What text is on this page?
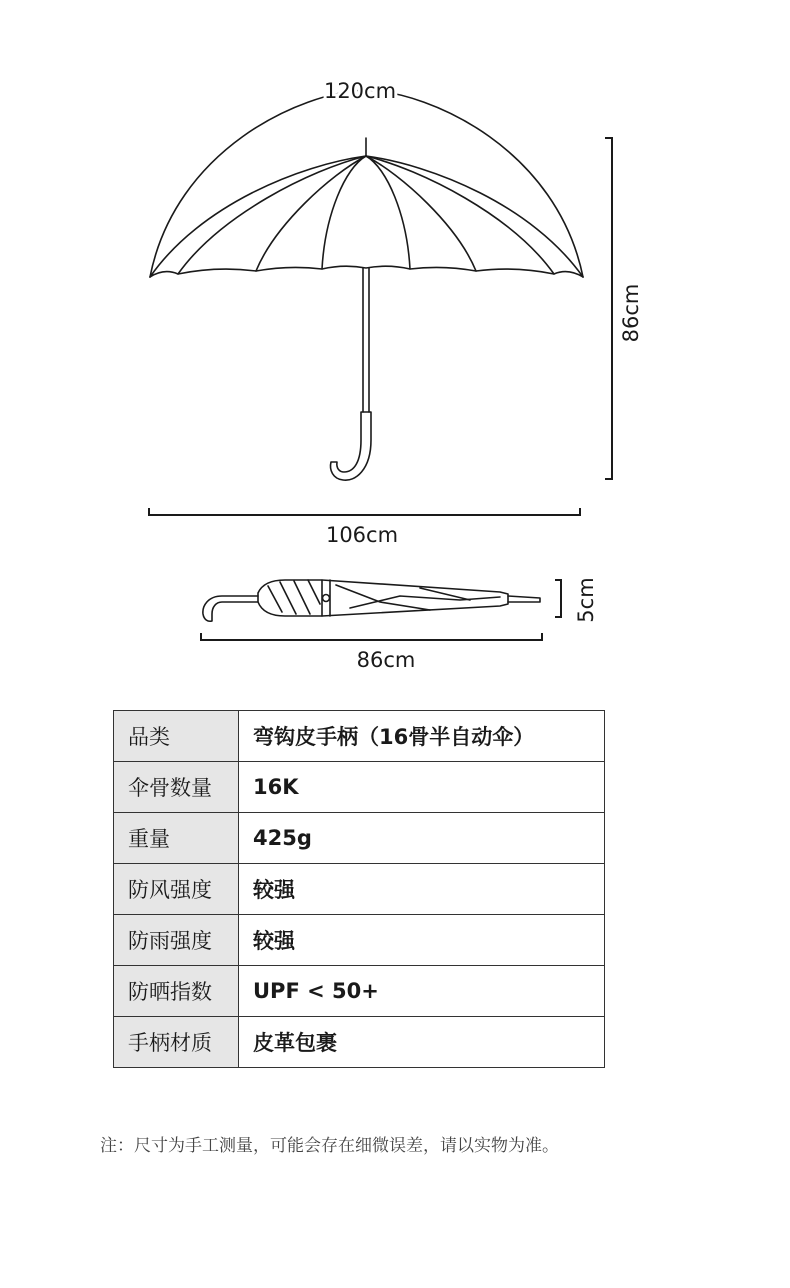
120cm
86cm
106cm
5cm
86cm
品类	弯钩皮手柄（16骨半自动伞）
伞骨数量	16K
重量	425g
防风强度	较强
防雨强度	较强
防晒指数	UPF < 50+
手柄材质	皮革包裹
注：尺寸为手工测量，可能会存在细微误差，请以实物为准。
